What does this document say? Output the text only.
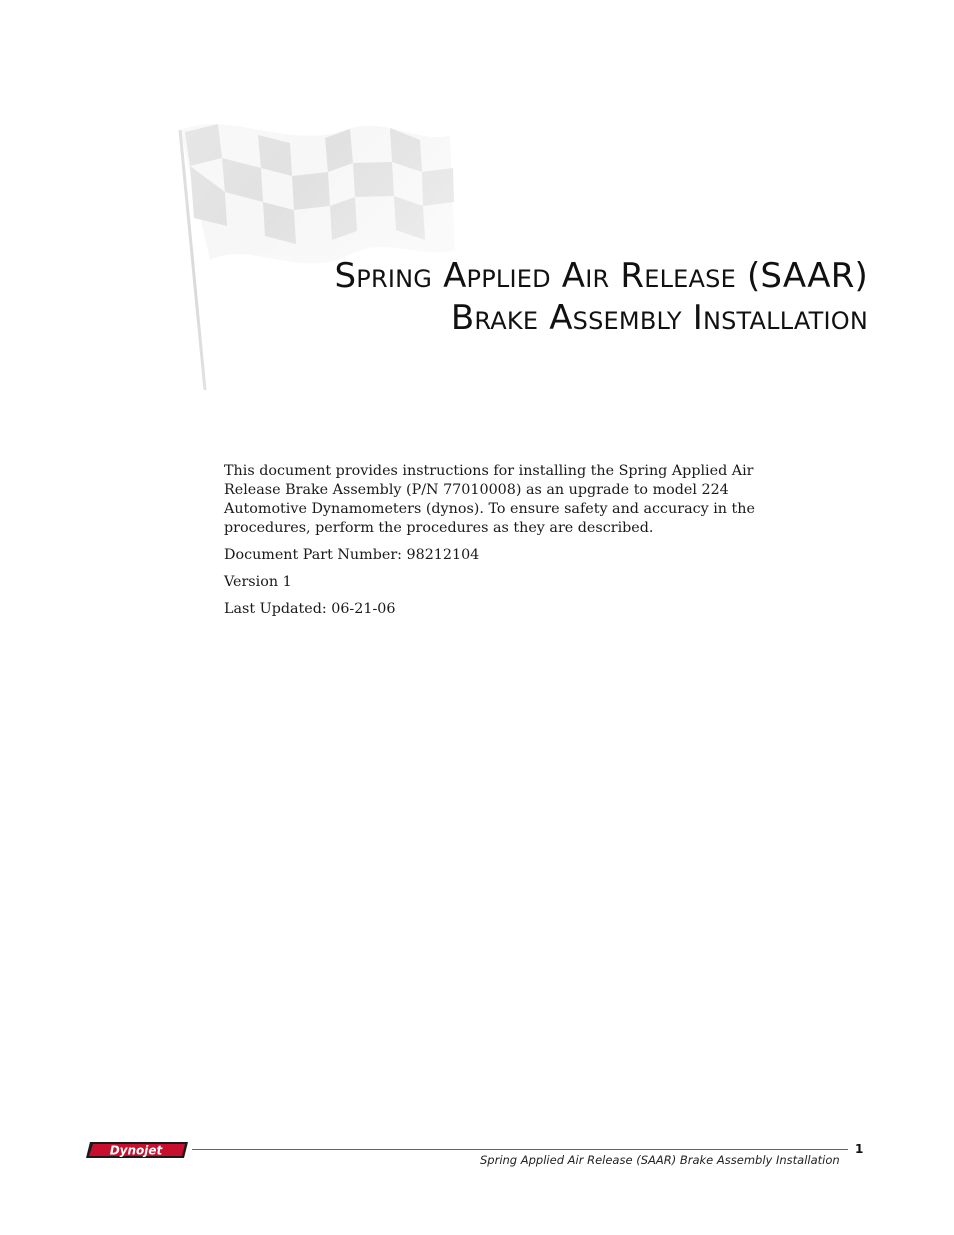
Spring Applied Air Release (SAAR)
Brake Assembly Installation

This document provides instructions for installing the Spring Applied Air Release Brake Assembly (P/N 77010008) as an upgrade to model 224 Automotive Dynamometers (dynos). To ensure safety and accuracy in the procedures, perform the procedures as they are described.

Document Part Number: 98212104

Version 1

Last Updated: 06-21-06

Dynojet
Spring Applied Air Release (SAAR) Brake Assembly Installation
1
